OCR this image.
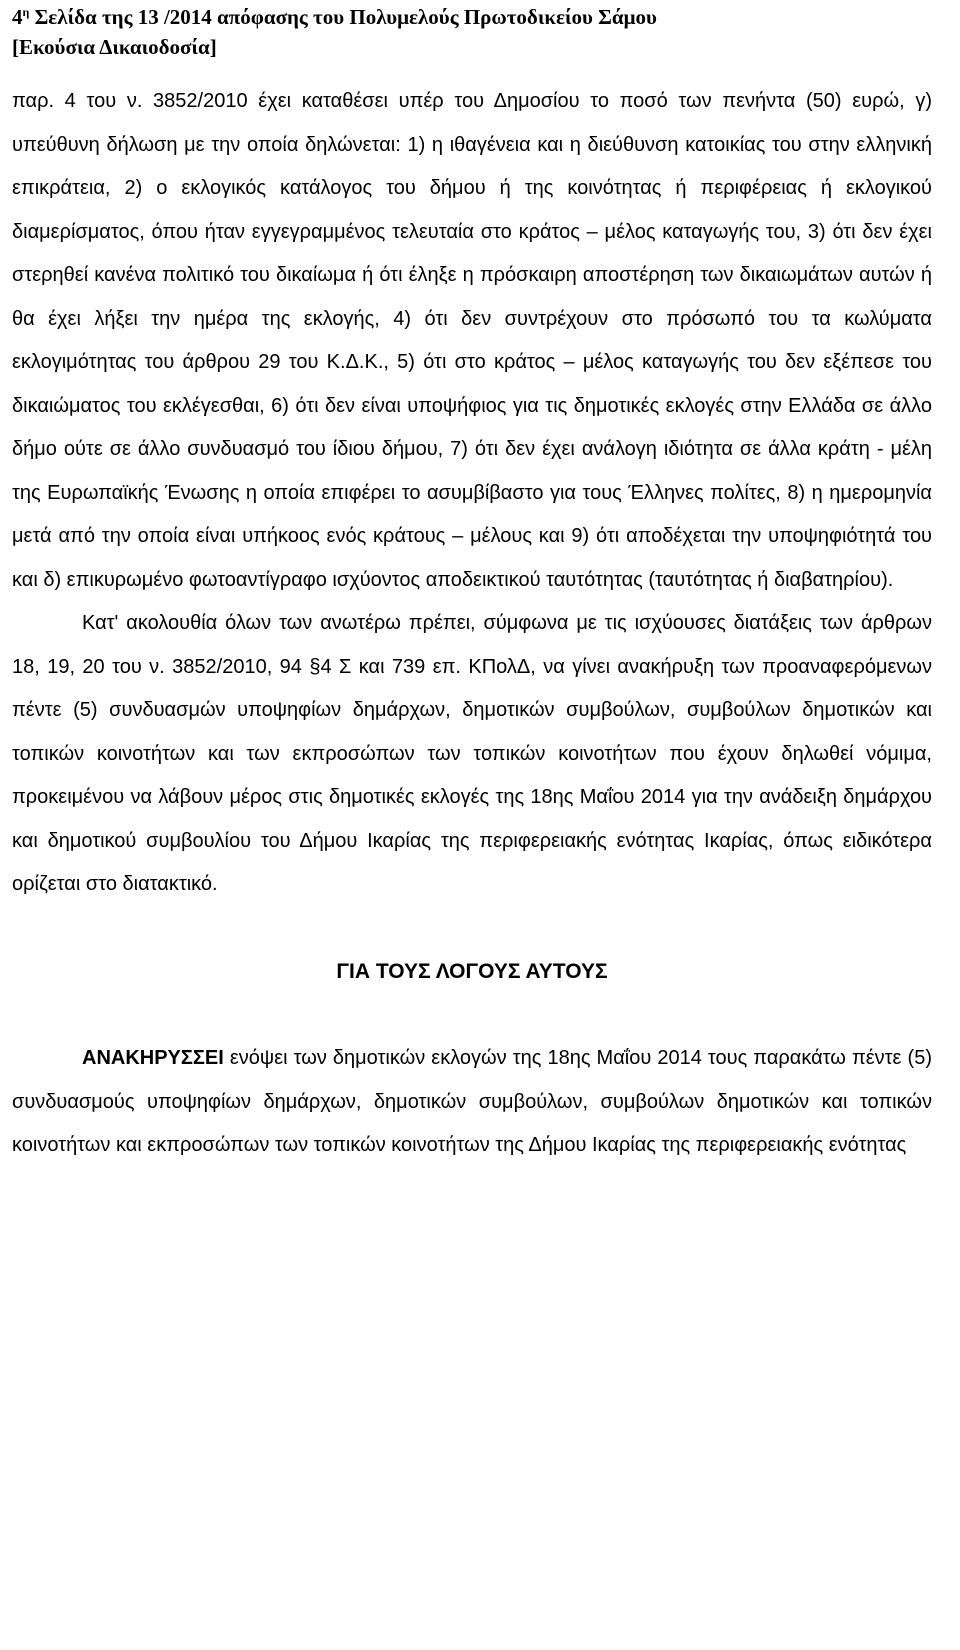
$4^\eta$ Σελίδα της 13 /2014 απόφασης του Πολυμελούς Πρωτοδικείου Σάμου
[Εκούσια Δικαιοδοσία]

παρ. 4 του ν. 3852/2010 έχει καταθέσει υπέρ του Δημοσίου το ποσό των πενήντα (50) ευρώ, γ) υπεύθυνη δήλωση με την οποία δηλώνεται: 1) η ιθαγένεια και η διεύθυνση κατοικίας του στην ελληνική επικράτεια, 2) ο εκλογικός κατάλογος του δήμου ή της κοινότητας ή περιφέρειας ή εκλογικού διαμερίσματος, όπου ήταν εγγεγραμμένος τελευταία στο κράτος – μέλος καταγωγής του, 3) ότι δεν έχει στερηθεί κανένα πολιτικό του δικαίωμα ή ότι έληξε η πρόσκαιρη αποστέρηση των δικαιωμάτων αυτών ή θα έχει λήξει την ημέρα της εκλογής, 4) ότι δεν συντρέχουν στο πρόσωπό του τα κωλύματα εκλογιμότητας του άρθρου 29 του Κ.Δ.Κ., 5) ότι στο κράτος – μέλος καταγωγής του δεν εξέπεσε του δικαιώματος του εκλέγεσθαι, 6) ότι δεν είναι υποψήφιος για τις δημοτικές εκλογές στην Ελλάδα σε άλλο δήμο ούτε σε άλλο συνδυασμό του ίδιου δήμου, 7) ότι δεν έχει ανάλογη ιδιότητα σε άλλα κράτη - μέλη της Ευρωπαϊκής Ένωσης η οποία επιφέρει το ασυμβίβαστο για τους Έλληνες πολίτες, 8) η ημερομηνία μετά από την οποία είναι υπήκοος ενός κράτους – μέλους και 9) ότι αποδέχεται την υποψηφιότητά του και δ) επικυρωμένο φωτοαντίγραφο ισχύοντος αποδεικτικού ταυτότητας (ταυτότητας ή διαβατηρίου).

Κατ' ακολουθία όλων των ανωτέρω πρέπει, σύμφωνα με τις ισχύουσες διατάξεις των άρθρων 18, 19, 20 του ν. 3852/2010, 94 §4 Σ και 739 επ. ΚΠολΔ, να γίνει ανακήρυξη των προαναφερόμενων πέντε (5) συνδυασμών υποψηφίων δημάρχων, δημοτικών συμβούλων, συμβούλων δημοτικών και τοπικών κοινοτήτων και των εκπροσώπων των τοπικών κοινοτήτων που έχουν δηλωθεί νόμιμα, προκειμένου να λάβουν μέρος στις δημοτικές εκλογές της 18ης Μαΐου 2014 για την ανάδειξη δημάρχου και δημοτικού συμβουλίου του Δήμου Ικαρίας της περιφερειακής ενότητας Ικαρίας, όπως ειδικότερα ορίζεται στο διατακτικό.

ΓΙΑ ΤΟΥΣ ΛΟΓΟΥΣ ΑΥΤΟΥΣ

ΑΝΑΚΗΡΥΣΣΕΙ ενόψει των δημοτικών εκλογών της 18ης Μαΐου 2014 τους παρακάτω πέντε (5) συνδυασμούς υποψηφίων δημάρχων, δημοτικών συμβούλων, συμβούλων δημοτικών και τοπικών κοινοτήτων και εκπροσώπων των τοπικών κοινοτήτων της Δήμου Ικαρίας της περιφερειακής ενότητας
